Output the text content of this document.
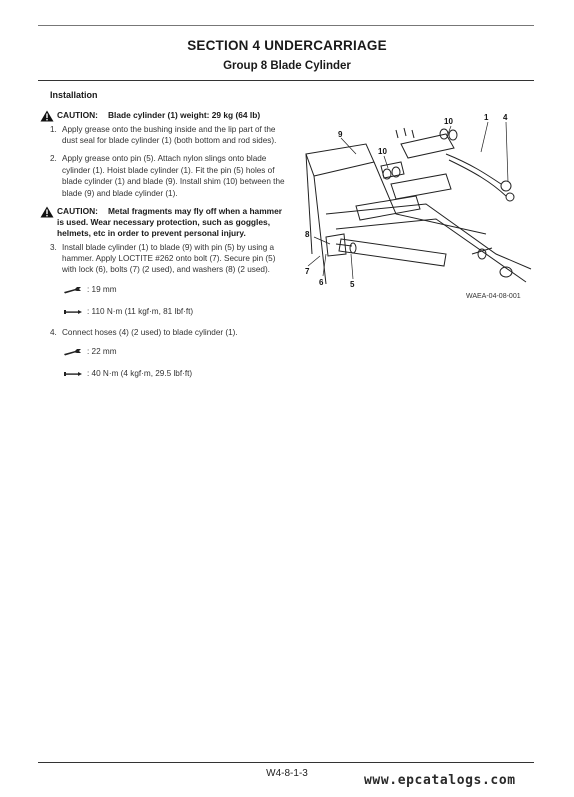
SECTION 4 UNDERCARRIAGE
Group 8 Blade Cylinder
Installation
CAUTION: Blade cylinder (1) weight: 29 kg (64 lb)
1. Apply grease onto the bushing inside and the lip part of the dust seal for blade cylinder (1) (both bottom and rod sides).
2. Apply grease onto pin (5). Attach nylon slings onto blade cylinder (1). Hoist blade cylinder (1). Fit the pin (5) holes of blade cylinder (1) and blade (9). Install shim (10) between the blade (9) and blade cylinder (1).
CAUTION: Metal fragments may fly off when a hammer is used. Wear necessary protection, such as goggles, helmets, etc in order to prevent personal injury.
3. Install blade cylinder (1) to blade (9) with pin (5) by using a hammer. Apply LOCTITE #262 onto bolt (7). Secure pin (5) with lock (6), bolts (7) (2 used), and washers (8) (2 used).
: 19 mm
: 110 N·m (11 kgf·m, 81 lbf·ft)
4. Connect hoses (4) (2 used) to blade cylinder (1).
: 22 mm
: 40 N·m (4 kgf·m, 29.5 lbf·ft)
10	1 4
9
10
8
7
6	5
WAEA-04-08-001
W4-8-1-3	www.epcatalogs.com
